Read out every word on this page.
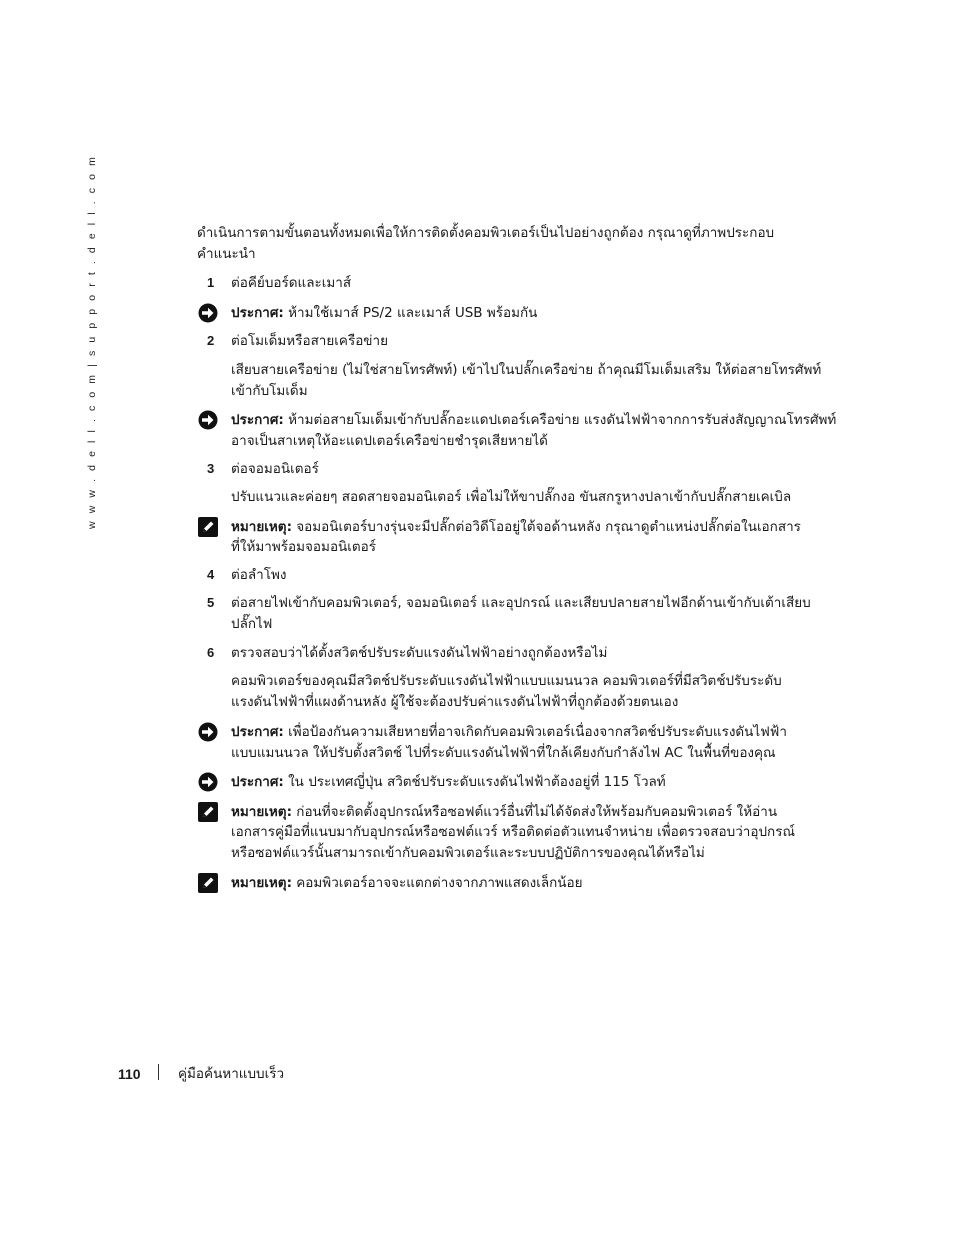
w w w . d e l l . c o m | s u p p o r t . d e l l . c o m	ดำเนินการตามขั้นตอนทั้งหมดเพื่อให้การติดตั้งคอมพิวเตอร์เป็นไปอย่างถูกต้อง กรุณาดูที่ภาพประกอบ
คำแนะนำ
1 ต่อคีย์บอร์ดและเมาส์
ประกาศ: ห้ามใช้เมาส์ PS/2 และเมาส์ USB พร้อมกัน
2 ต่อโมเด็มหรือสายเครือข่าย
เสียบสายเครือข่าย (ไม่ใช่สายโทรศัพท์) เข้าไปในปลั๊กเครือข่าย ถ้าคุณมีโมเด็มเสริม ให้ต่อสายโทรศัพท์
เข้ากับโมเด็ม
ประกาศ: ห้ามต่อสายโมเด็มเข้ากับปลั๊กอะแดปเตอร์เครือข่าย แรงดันไฟฟ้าจากการรับส่งสัญญาณโทรศัพท์
อาจเป็นสาเหตุให้อะแดปเตอร์เครือข่ายชำรุดเสียหายได้
3 ต่อจอมอนิเตอร์
ปรับแนวและค่อยๆ สอดสายจอมอนิเตอร์ เพื่อไม่ให้ขาปลั๊กงอ ขันสกรูหางปลาเข้ากับปลั๊กสายเคเบิล
หมายเหตุ: จอมอนิเตอร์บางรุ่นจะมีปลั๊กต่อวิดีโออยู่ใต้จอด้านหลัง กรุณาดูตำแหน่งปลั๊กต่อในเอกสาร
ที่ให้มาพร้อมจอมอนิเตอร์
4 ต่อลำโพง
5 ต่อสายไฟเข้ากับคอมพิวเตอร์, จอมอนิเตอร์ และอุปกรณ์ และเสียบปลายสายไฟอีกด้านเข้ากับเต้าเสียบ
ปลั๊กไฟ
6 ตรวจสอบว่าได้ตั้งสวิตช์ปรับระดับแรงดันไฟฟ้าอย่างถูกต้องหรือไม่
คอมพิวเตอร์ของคุณมีสวิตช์ปรับระดับแรงดันไฟฟ้าแบบแมนนวล คอมพิวเตอร์ที่มีสวิตช์ปรับระดับ
แรงดันไฟฟ้าที่แผงด้านหลัง ผู้ใช้จะต้องปรับค่าแรงดันไฟฟ้าที่ถูกต้องด้วยตนเอง
ประกาศ: เพื่อป้องกันความเสียหายที่อาจเกิดกับคอมพิวเตอร์เนื่องจากสวิตช์ปรับระดับแรงดันไฟฟ้า
แบบแมนนวล ให้ปรับตั้งสวิตช์ ไปที่ระดับแรงดันไฟฟ้าที่ใกล้เคียงกับกำลังไฟ AC ในพื้นที่ของคุณ
ประกาศ: ใน ประเทศญี่ปุ่น สวิตช์ปรับระดับแรงดันไฟฟ้าต้องอยู่ที่ 115 โวลท์
หมายเหตุ: ก่อนที่จะติดตั้งอุปกรณ์หรือซอฟต์แวร์อื่นที่ไม่ได้จัดส่งให้พร้อมกับคอมพิวเตอร์ ให้อ่าน
เอกสารคู่มือที่แนบมากับอุปกรณ์หรือซอฟต์แวร์ หรือติดต่อตัวแทนจำหน่าย เพื่อตรวจสอบว่าอุปกรณ์
หรือซอฟต์แวร์นั้นสามารถเข้ากับคอมพิวเตอร์และระบบปฏิบัติการของคุณได้หรือไม่
หมายเหตุ: คอมพิวเตอร์อาจจะแตกต่างจากภาพแสดงเล็กน้อย
110	คู่มือค้นหาแบบเร็ว
